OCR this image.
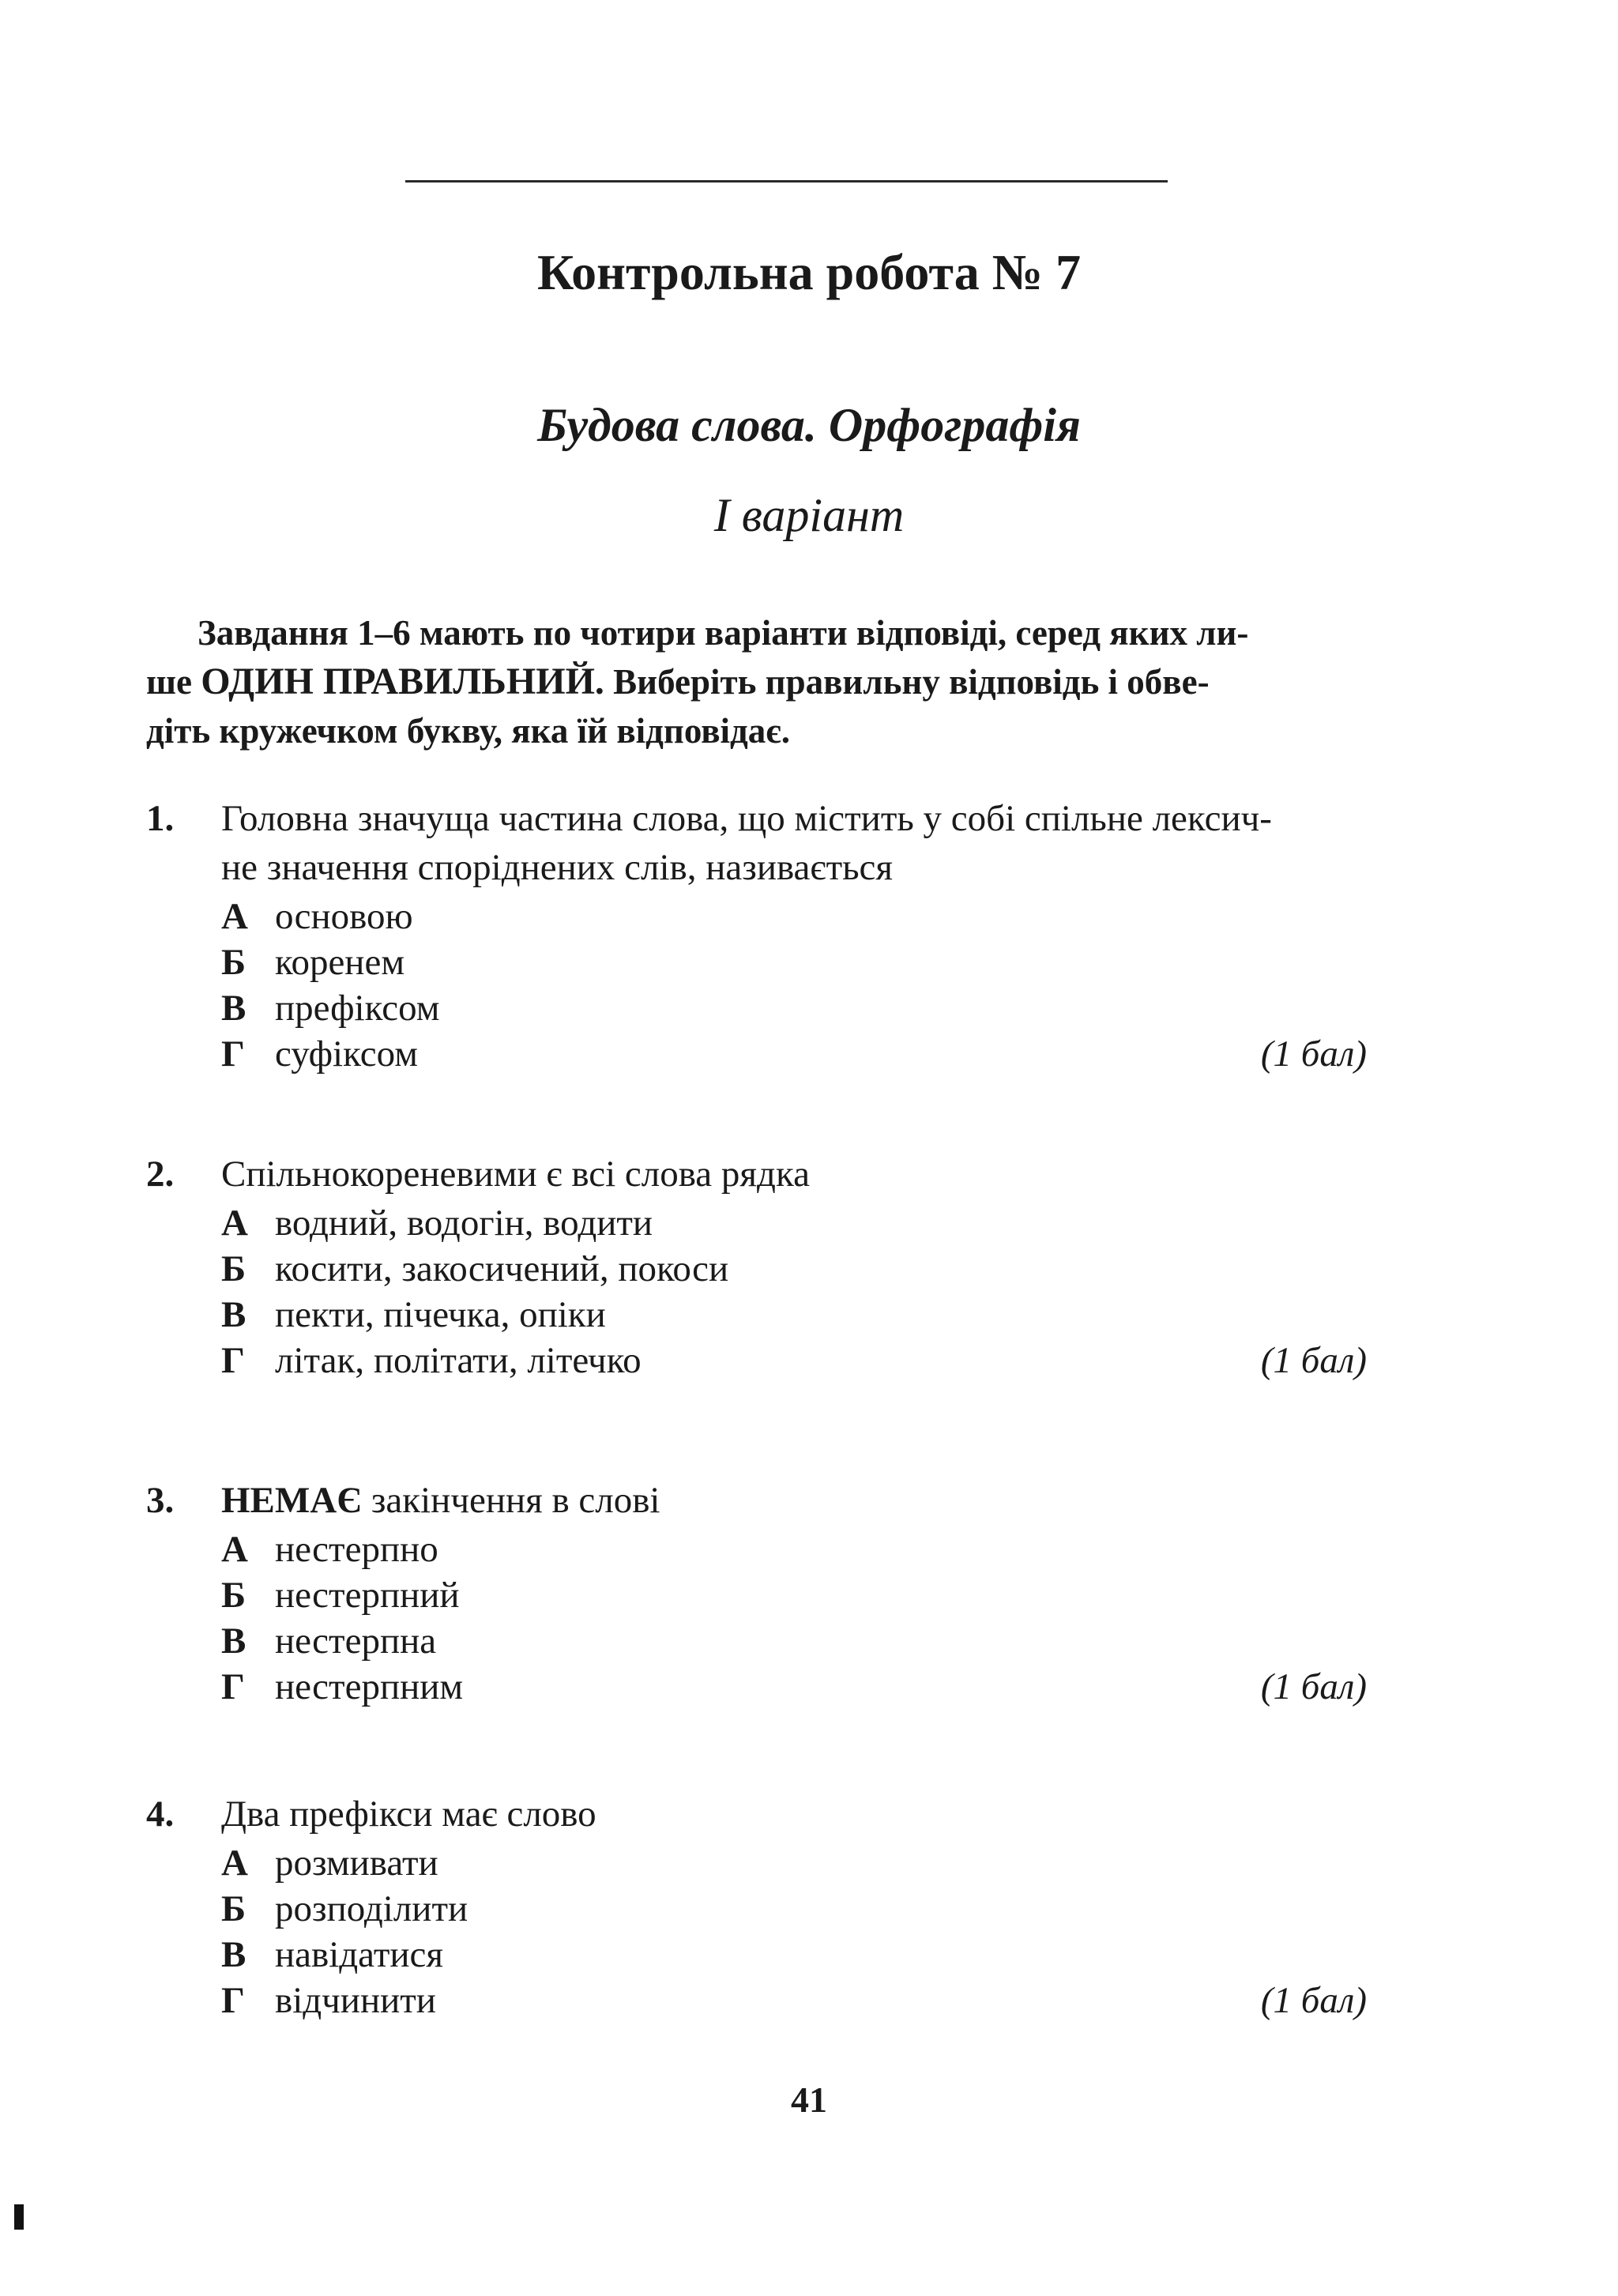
Контрольна робота № 7
Будова слова. Орфографія
І варіант
Завдання 1–6 мають по чотири варіанти відповіді, серед яких ли-
ше ОДИН ПРАВИЛЬНИЙ. Виберіть правильну відповідь і обве-
діть кружечком букву, яка їй відповідає.
1. Головна значуща частина слова, що містить у собі спільне лексич-
не значення споріднених слів, називається
А основою
Б коренем
В префіксом
Г суфіксом	(1 бал)
2. Спільнокореневими є всі слова рядка
А водний, водогін, водити
Б косити, закосичений, покоси
В пекти, пічечка, опіки
Г літак, політати, літечко	(1 бал)
3. НЕМАЄ закінчення в слові
А нестерпно
Б нестерпний
В нестерпна
Г нестерпним	(1 бал)
4. Два префікси має слово
А розмивати
Б розподілити
В навідатися
Г відчинити	(1 бал)
41
